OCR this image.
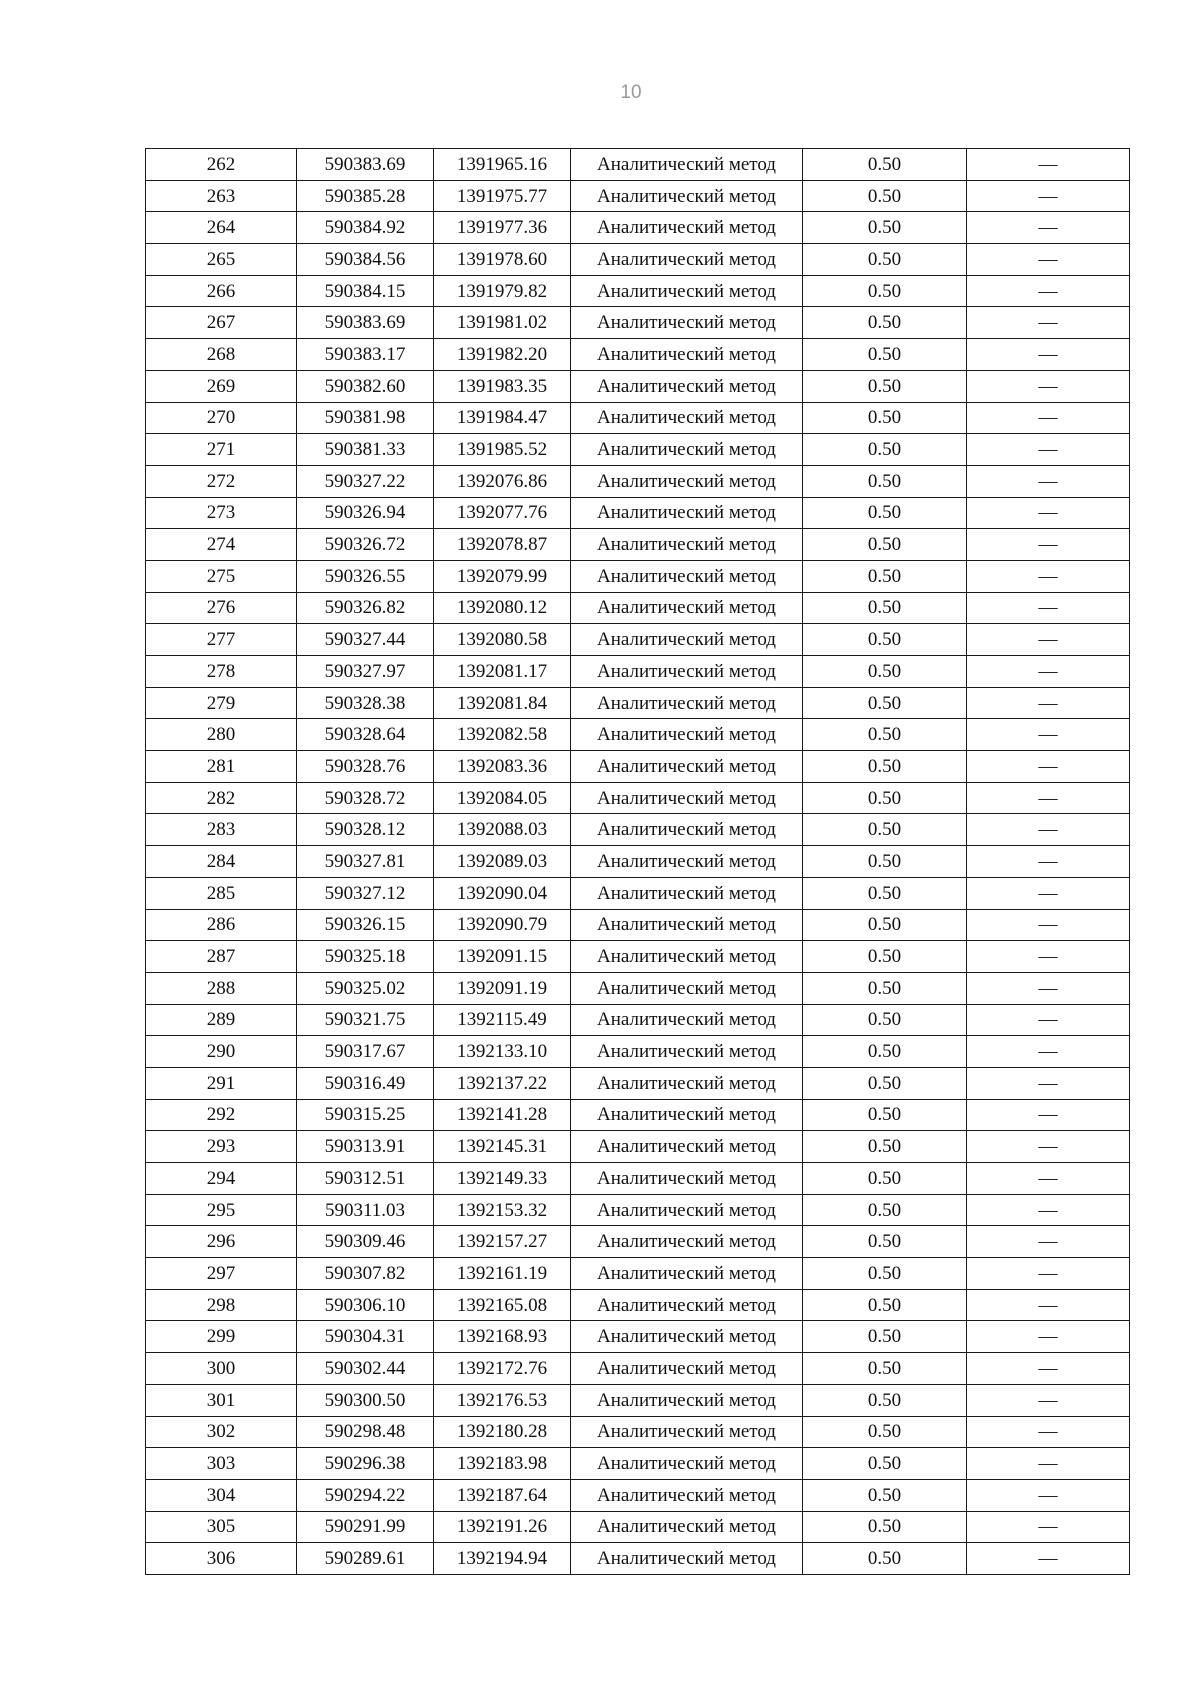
10
262	590383.69	1391965.16	Аналитический метод	0.50	—
263	590385.28	1391975.77	Аналитический метод	0.50	—
264	590384.92	1391977.36	Аналитический метод	0.50	—
265	590384.56	1391978.60	Аналитический метод	0.50	—
266	590384.15	1391979.82	Аналитический метод	0.50	—
267	590383.69	1391981.02	Аналитический метод	0.50	—
268	590383.17	1391982.20	Аналитический метод	0.50	—
269	590382.60	1391983.35	Аналитический метод	0.50	—
270	590381.98	1391984.47	Аналитический метод	0.50	—
271	590381.33	1391985.52	Аналитический метод	0.50	—
272	590327.22	1392076.86	Аналитический метод	0.50	—
273	590326.94	1392077.76	Аналитический метод	0.50	—
274	590326.72	1392078.87	Аналитический метод	0.50	—
275	590326.55	1392079.99	Аналитический метод	0.50	—
276	590326.82	1392080.12	Аналитический метод	0.50	—
277	590327.44	1392080.58	Аналитический метод	0.50	—
278	590327.97	1392081.17	Аналитический метод	0.50	—
279	590328.38	1392081.84	Аналитический метод	0.50	—
280	590328.64	1392082.58	Аналитический метод	0.50	—
281	590328.76	1392083.36	Аналитический метод	0.50	—
282	590328.72	1392084.05	Аналитический метод	0.50	—
283	590328.12	1392088.03	Аналитический метод	0.50	—
284	590327.81	1392089.03	Аналитический метод	0.50	—
285	590327.12	1392090.04	Аналитический метод	0.50	—
286	590326.15	1392090.79	Аналитический метод	0.50	—
287	590325.18	1392091.15	Аналитический метод	0.50	—
288	590325.02	1392091.19	Аналитический метод	0.50	—
289	590321.75	1392115.49	Аналитический метод	0.50	—
290	590317.67	1392133.10	Аналитический метод	0.50	—
291	590316.49	1392137.22	Аналитический метод	0.50	—
292	590315.25	1392141.28	Аналитический метод	0.50	—
293	590313.91	1392145.31	Аналитический метод	0.50	—
294	590312.51	1392149.33	Аналитический метод	0.50	—
295	590311.03	1392153.32	Аналитический метод	0.50	—
296	590309.46	1392157.27	Аналитический метод	0.50	—
297	590307.82	1392161.19	Аналитический метод	0.50	—
298	590306.10	1392165.08	Аналитический метод	0.50	—
299	590304.31	1392168.93	Аналитический метод	0.50	—
300	590302.44	1392172.76	Аналитический метод	0.50	—
301	590300.50	1392176.53	Аналитический метод	0.50	—
302	590298.48	1392180.28	Аналитический метод	0.50	—
303	590296.38	1392183.98	Аналитический метод	0.50	—
304	590294.22	1392187.64	Аналитический метод	0.50	—
305	590291.99	1392191.26	Аналитический метод	0.50	—
306	590289.61	1392194.94	Аналитический метод	0.50	—
